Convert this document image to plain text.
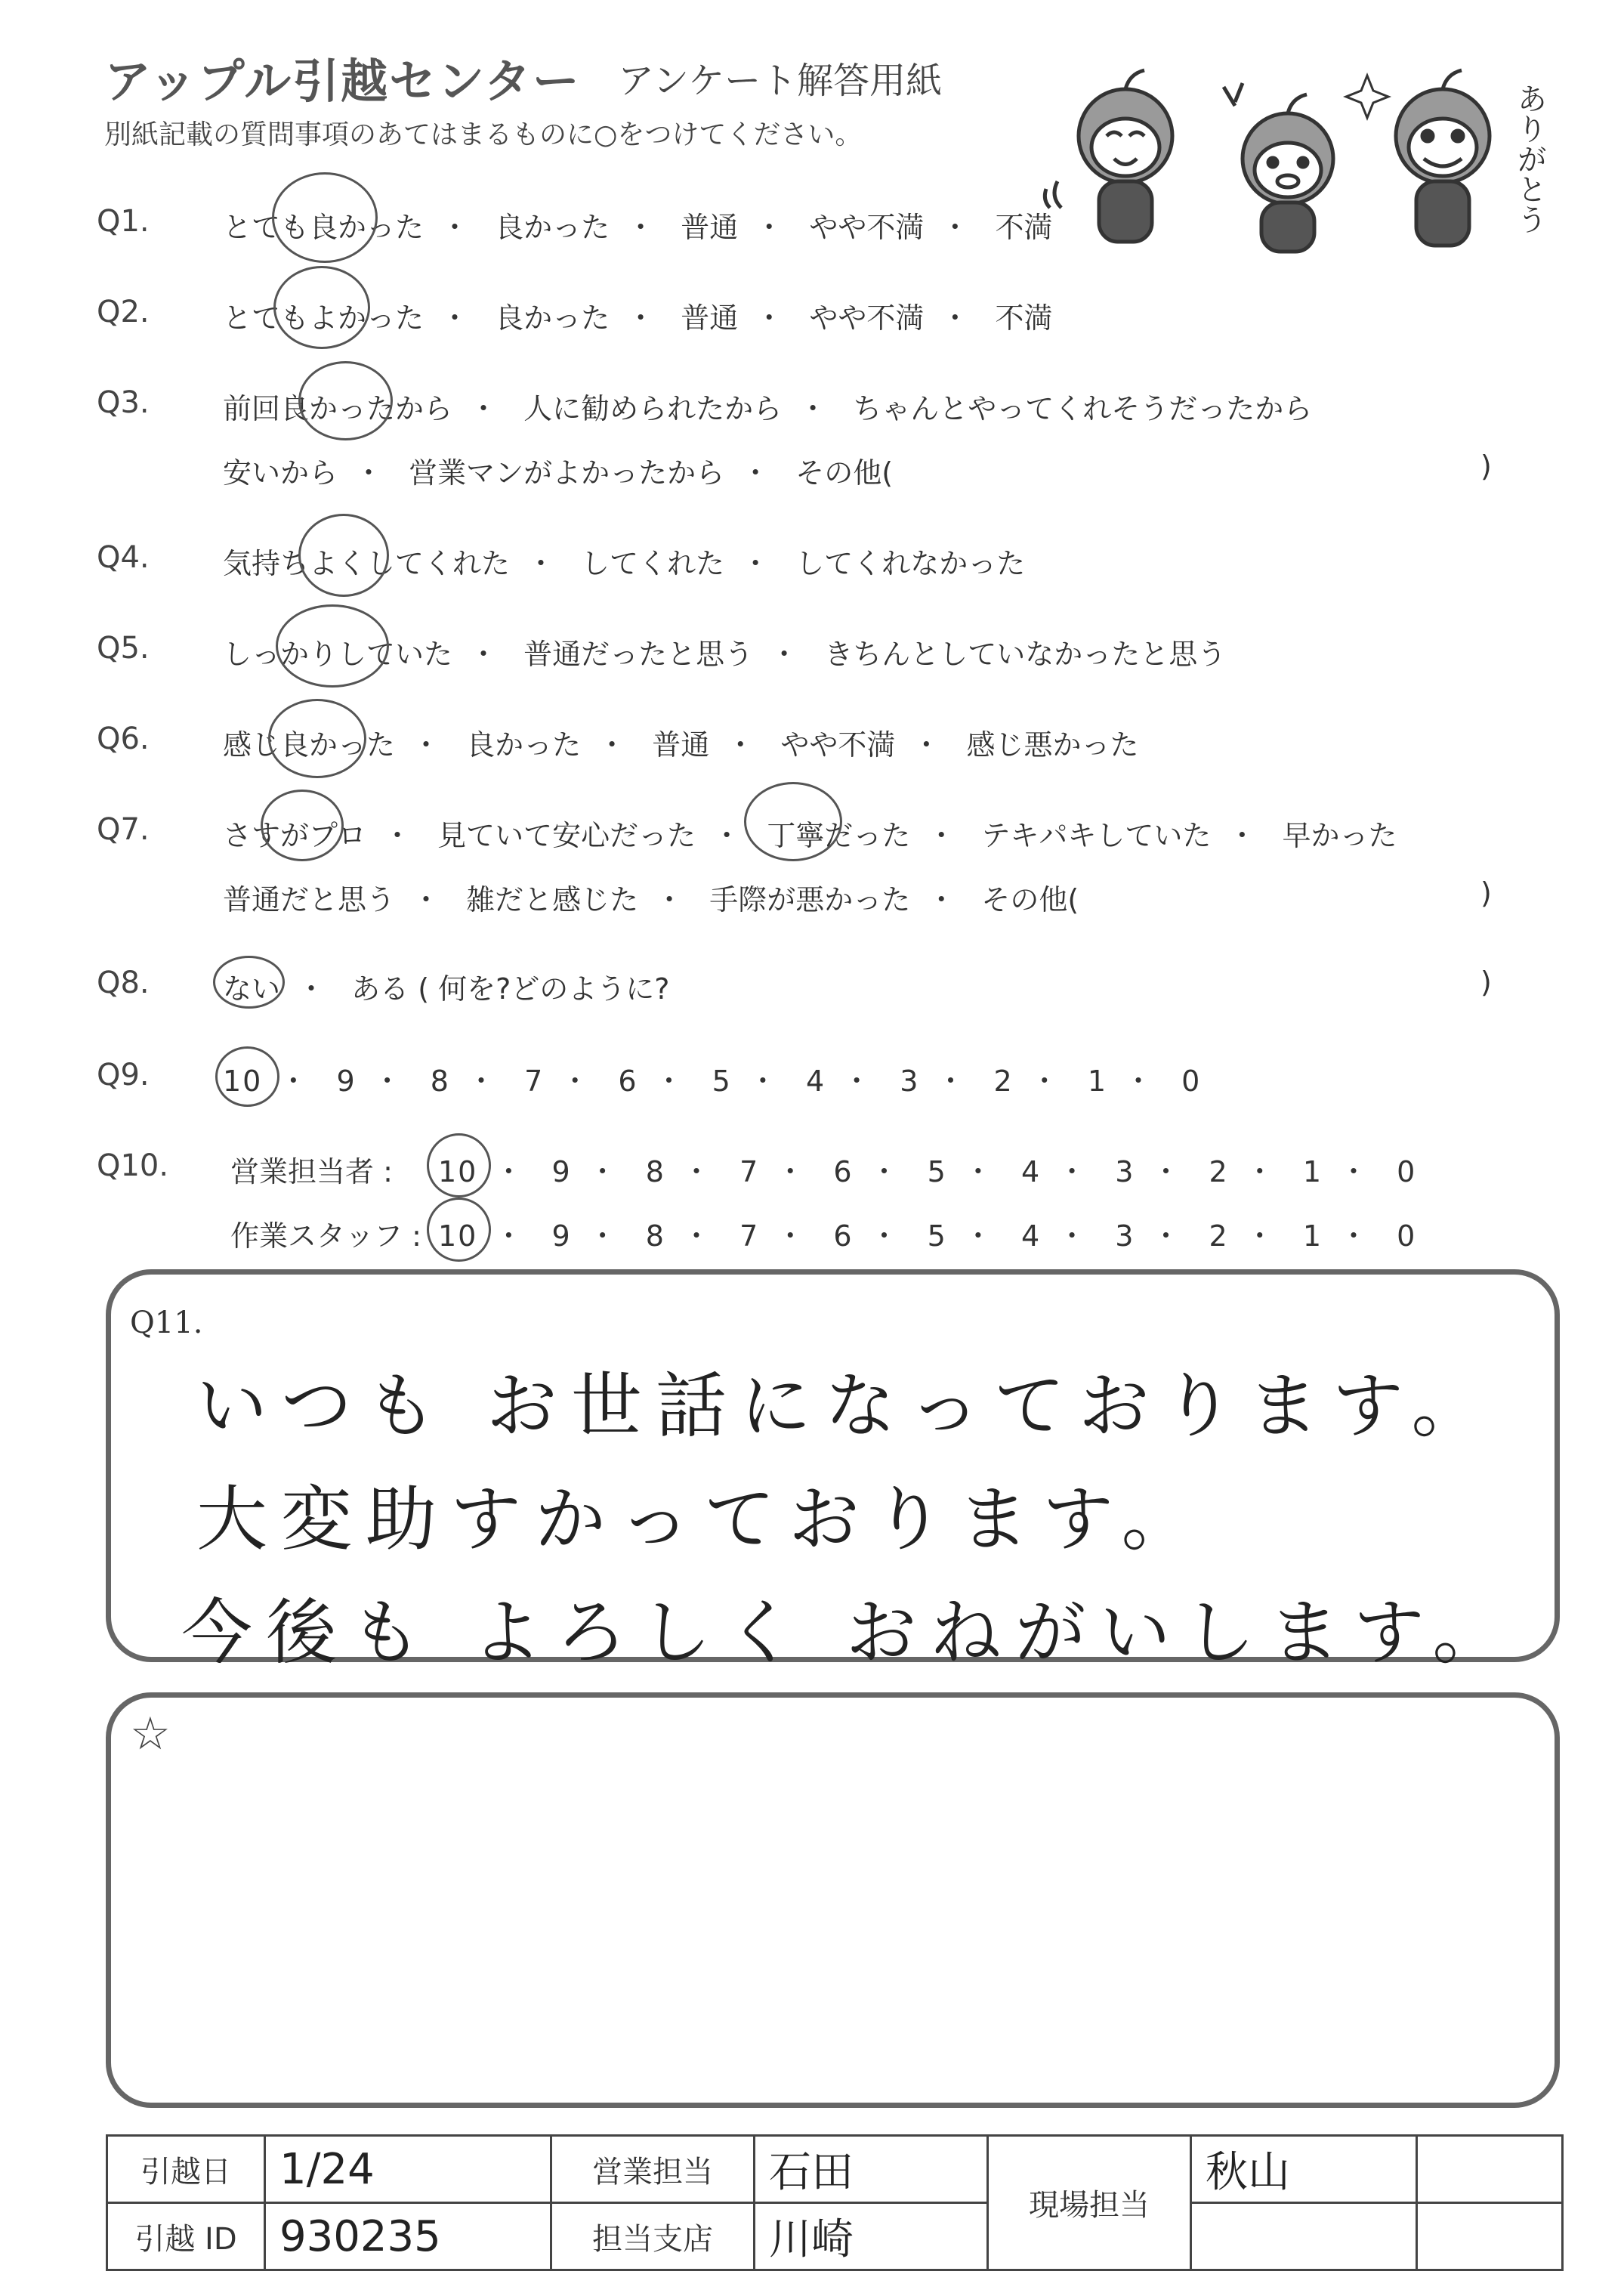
アップル引越センター アンケート解答用紙
別紙記載の質問事項のあてはまるものに○をつけてください。	ありがとう
Q1.	とても良かった ・ 良かった ・ 普通 ・ やや不満 ・ 不満
Q2.	とてもよかった ・ 良かった ・ 普通 ・ やや不満 ・ 不満
Q3.	前回良かったから ・ 人に勧められたから ・ ちゃんとやってくれそうだったから
安いから ・ 営業マンがよかったから ・ その他(	)
Q4.	気持ちよくしてくれた ・ してくれた ・ してくれなかった
Q5.	しっかりしていた ・ 普通だったと思う ・ きちんとしていなかったと思う
Q6.	感じ良かった ・ 良かった ・ 普通 ・ やや不満 ・ 感じ悪かった
Q7.	さすがプロ ・ 見ていて安心だった ・ 丁寧だった ・ テキパキしていた ・ 早かった
普通だと思う ・ 雑だと感じた ・ 手際が悪かった ・ その他(	)
Q8.	ない ・ ある ( 何を?どのように?	)
Q9.	10 ・ 9 ・ 8 ・ 7 ・ 6 ・ 5 ・ 4 ・ 3 ・ 2 ・ 1 ・ 0
Q10. 営業担当者 : 10 ・ 9 ・ 8 ・ 7 ・ 6 ・ 5 ・ 4 ・ 3 ・ 2 ・ 1 ・ 0
作業スタッフ : 10 ・ 9 ・ 8 ・ 7 ・ 6 ・ 5 ・ 4 ・ 3 ・ 2 ・ 1 ・ 0
Q11.
いつも お世話になっております。
大変助すかっております。
今後も よろしく おねがいします。
☆
引越日	1/24	営業担当	石田	現場担当	秋山	
引越 ID	930235	担当支店	川崎			
